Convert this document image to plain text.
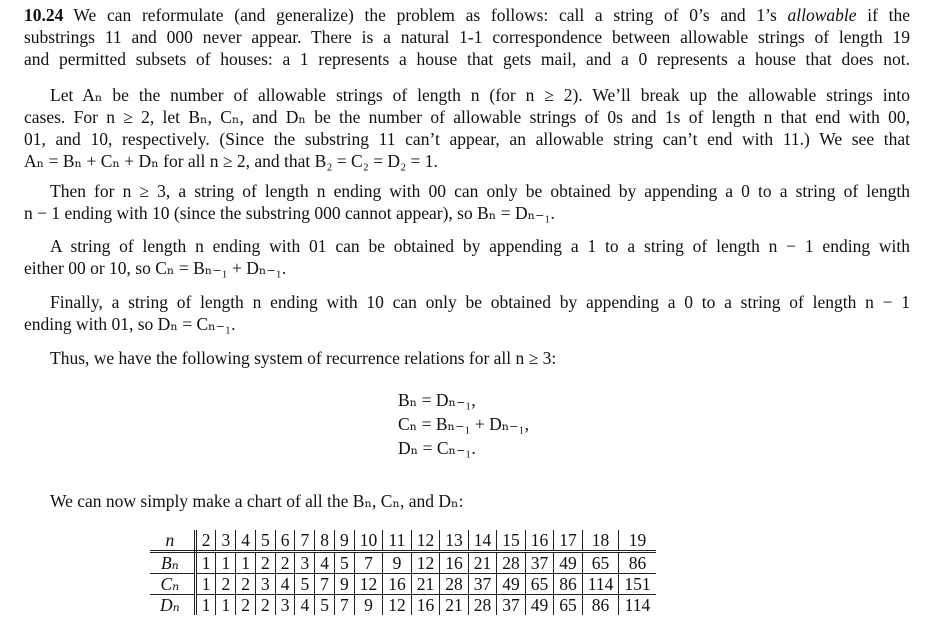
10.24 We can reformulate (and generalize) the problem as follows: call a string of 0’s and 1’s allowable if the
substrings 11 and 000 never appear. There is a natural 1-1 correspondence between allowable strings of length 19
and permitted subsets of houses: a 1 represents a house that gets mail, and a 0 represents a house that does not.
Let Aₙ be the number of allowable strings of length n (for n ≥ 2). We’ll break up the allowable strings into
cases. For n ≥ 2, let Bₙ, Cₙ, and Dₙ be the number of allowable strings of 0s and 1s of length n that end with 00,
01, and 10, respectively. (Since the substring 11 can’t appear, an allowable string can’t end with 11.) We see that
Aₙ = Bₙ + Cₙ + Dₙ for all n ≥ 2, and that B₂ = C₂ = D₂ = 1.
Then for n ≥ 3, a string of length n ending with 00 can only be obtained by appending a 0 to a string of length
n − 1 ending with 10 (since the substring 000 cannot appear), so Bₙ = Dₙ₋₁.
A string of length n ending with 01 can be obtained by appending a 1 to a string of length n − 1 ending with
either 00 or 10, so Cₙ = Bₙ₋₁ + Dₙ₋₁.
Finally, a string of length n ending with 10 can only be obtained by appending a 0 to a string of length n − 1
ending with 01, so Dₙ = Cₙ₋₁.
Thus, we have the following system of recurrence relations for all n ≥ 3:
Bₙ = Dₙ₋₁,
Cₙ = Bₙ₋₁ + Dₙ₋₁,
Dₙ = Cₙ₋₁.
We can now simply make a chart of all the Bₙ, Cₙ, and Dₙ:
n	2	3	4	5	6	7	8	9	10	11	12	13	14	15	16	17	18	19
Bₙ	1	1	1	2	2	3	4	5	7	9	12	16	21	28	37	49	65	86
Cₙ	1	2	2	3	4	5	7	9	12	16	21	28	37	49	65	86	114	151
Dₙ	1	1	2	2	3	4	5	7	9	12	16	21	28	37	49	65	86	114
